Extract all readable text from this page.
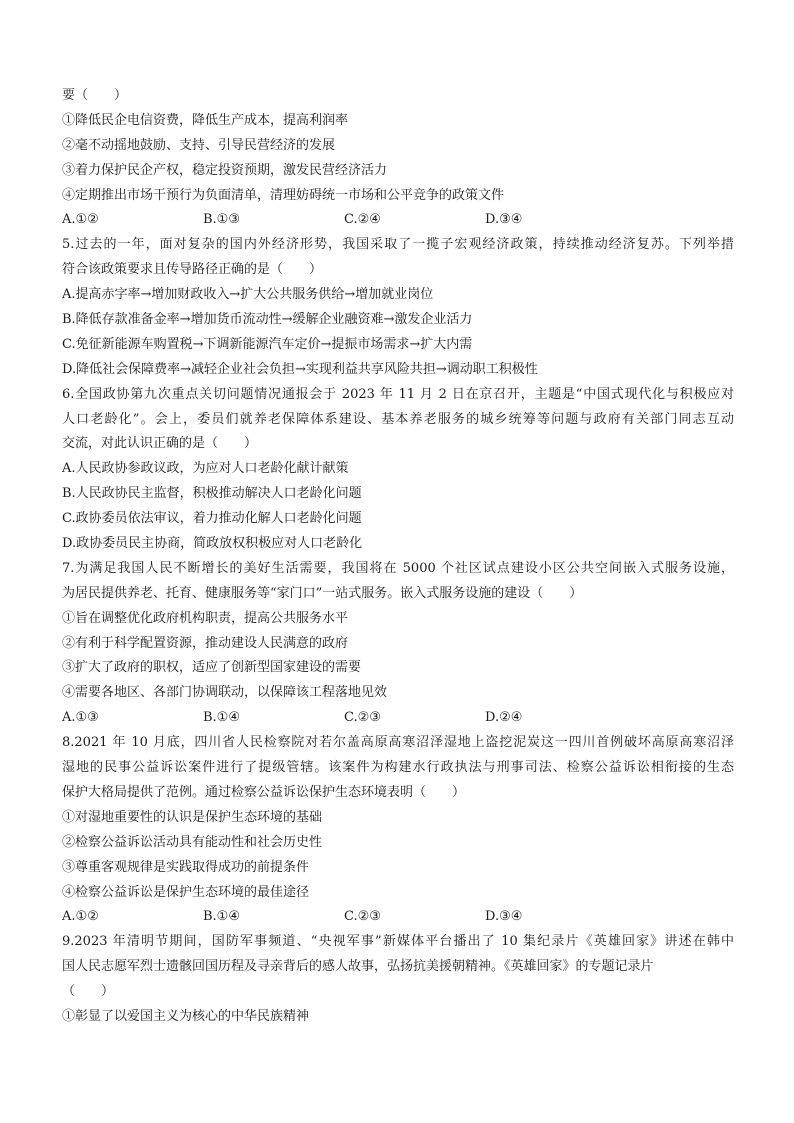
要（　　）
①降低民企电信资费，降低生产成本，提高利润率
②毫不动摇地鼓励、支持、引导民营经济的发展
③着力保护民企产权，稳定投资预期，激发民营经济活力
④定期推出市场干预行为负面清单，清理妨碍统一市场和公平竞争的政策文件
A.①②	B.①③	C.②④	D.③④
5.过去的一年，面对复杂的国内外经济形势，我国采取了一揽子宏观经济政策，持续推动经济复苏。下列举措
符合该政策要求且传导路径正确的是（　　）
A.提高赤字率→增加财政收入→扩大公共服务供给→增加就业岗位
B.降低存款准备金率→增加货币流动性→缓解企业融资难→激发企业活力
C.免征新能源车购置税→下调新能源汽车定价→提振市场需求→扩大内需
D.降低社会保障费率→减轻企业社会负担→实现利益共享风险共担→调动职工积极性
6.全国政协第九次重点关切问题情况通报会于 2023 年 11 月 2 日在京召开，主题是“中国式现代化与积极应对
人口老龄化”。会上，委员们就养老保障体系建设、基本养老服务的城乡统筹等问题与政府有关部门同志互动
交流，对此认识正确的是（　　）
A.人民政协参政议政，为应对人口老龄化献计献策
B.人民政协民主监督，积极推动解决人口老龄化问题
C.政协委员依法审议，着力推动化解人口老龄化问题
D.政协委员民主协商，简政放权积极应对人口老龄化
7.为满足我国人民不断增长的美好生活需要，我国将在 5000 个社区试点建设小区公共空间嵌入式服务设施，
为居民提供养老、托育、健康服务等“家门口”一站式服务。嵌入式服务设施的建设（　　）
①旨在调整优化政府机构职责，提高公共服务水平
②有利于科学配置资源，推动建设人民满意的政府
③扩大了政府的职权，适应了创新型国家建设的需要
④需要各地区、各部门协调联动，以保障该工程落地见效
A.①③	B.①④	C.②③	D.②④
8.2021 年 10 月底，四川省人民检察院对若尔盖高原高寒沼泽湿地上盗挖泥炭这一四川首例破坏高原高寒沼泽
湿地的民事公益诉讼案件进行了提级管辖。该案件为构建水行政执法与刑事司法、检察公益诉讼相衔接的生态
保护大格局提供了范例。通过检察公益诉讼保护生态环境表明（　　）
①对湿地重要性的认识是保护生态环境的基础
②检察公益诉讼活动具有能动性和社会历史性
③尊重客观规律是实践取得成功的前提条件
④检察公益诉讼是保护生态环境的最佳途径
A.①②	B.①④	C.②③	D.③④
9.2023 年清明节期间，国防军事频道、“央视军事”新媒体平台播出了 10 集纪录片《英雄回家》讲述在韩中
国人民志愿军烈士遗骸回国历程及寻亲背后的感人故事，弘扬抗美援朝精神。《英雄回家》的专题记录片
（　　）
①彰显了以爱国主义为核心的中华民族精神
